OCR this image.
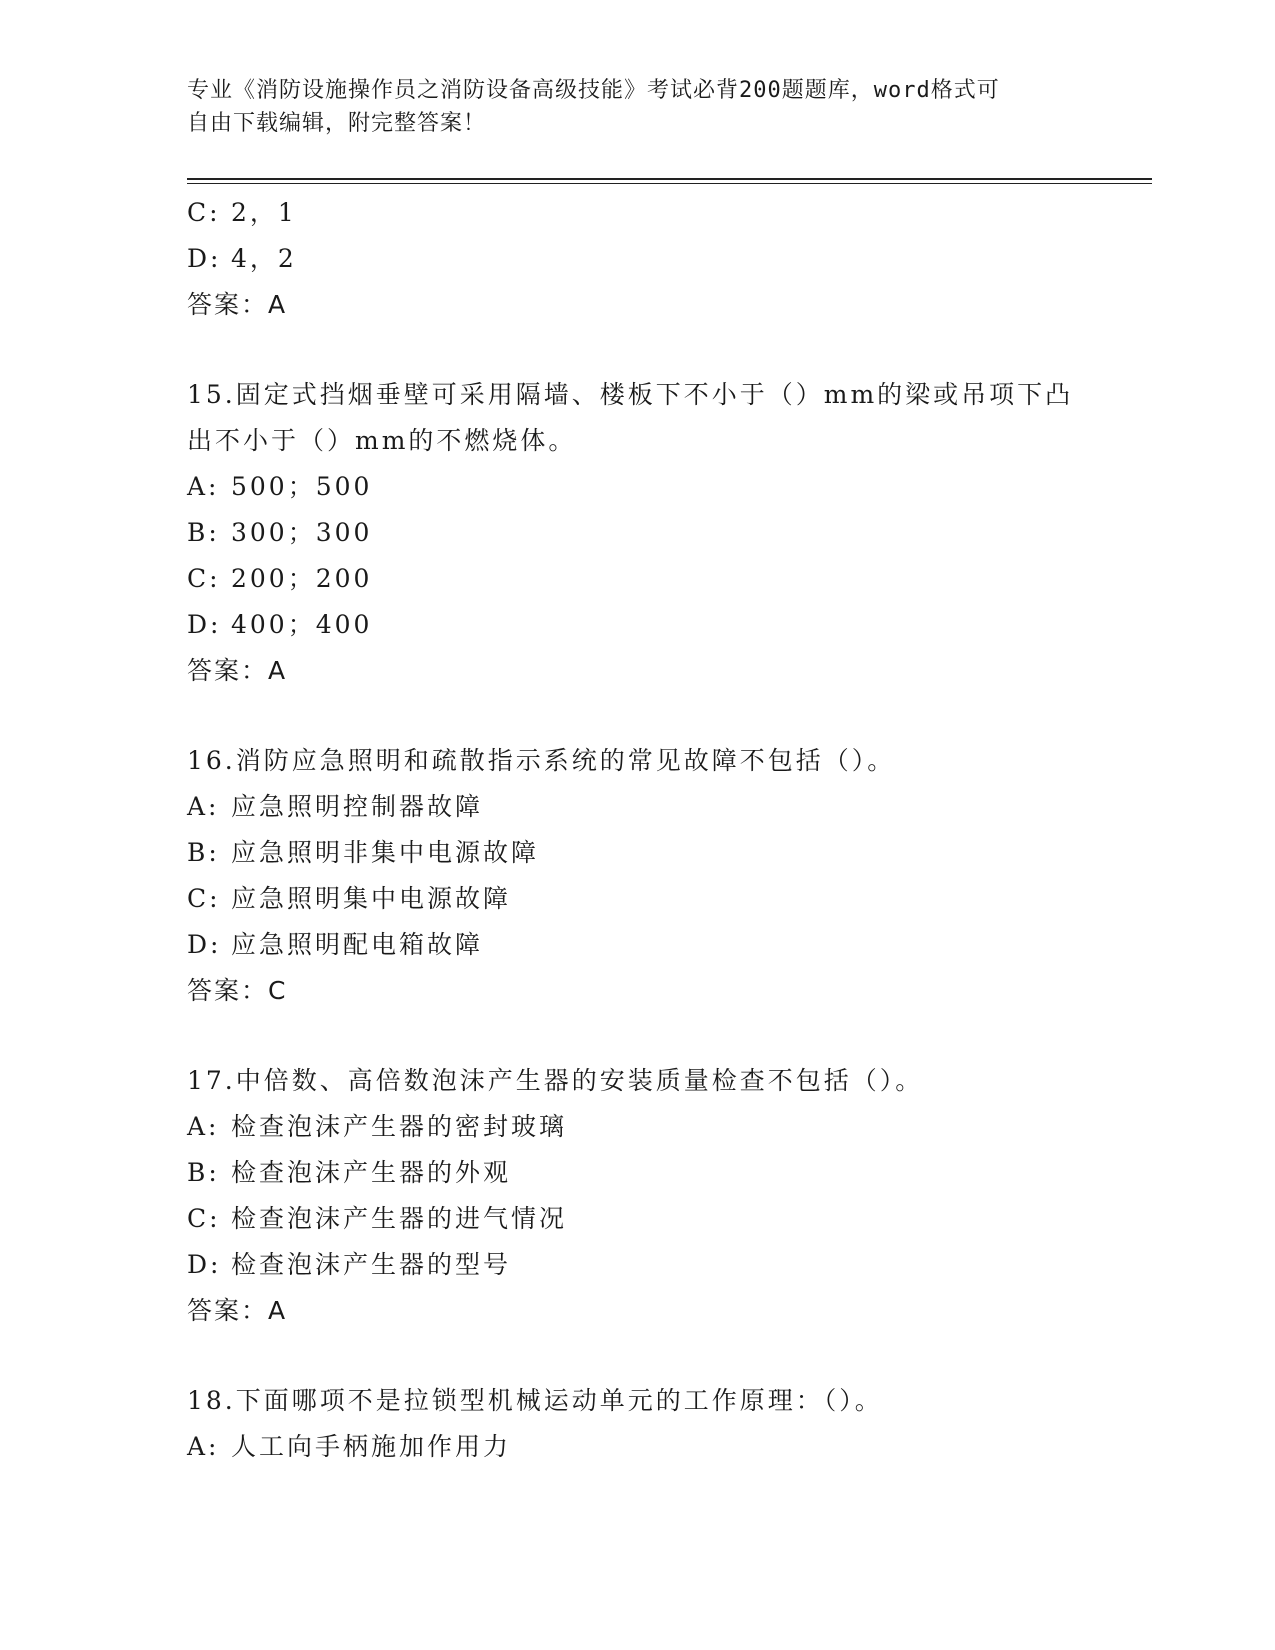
专业《消防设施操作员之消防设备高级技能》考试必背200题题库，word格式可
自由下载编辑，附完整答案！
C: 2，1
D: 4，2
答案：A
15.固定式挡烟垂壁可采用隔墙、楼板下不小于（）mm的梁或吊项下凸
出不小于（）mm的不燃烧体。
A: 500；500
B: 300；300
C: 200；200
D: 400；400
答案：A
16.消防应急照明和疏散指示系统的常见故障不包括（）。
A: 应急照明控制器故障
B: 应急照明非集中电源故障
C: 应急照明集中电源故障
D: 应急照明配电箱故障
答案：C
17.中倍数、高倍数泡沫产生器的安装质量检查不包括（）。
A: 检查泡沫产生器的密封玻璃
B: 检查泡沫产生器的外观
C: 检查泡沫产生器的进气情况
D: 检查泡沫产生器的型号
答案：A
18.下面哪项不是拉锁型机械运动单元的工作原理：（）。
A: 人工向手柄施加作用力
